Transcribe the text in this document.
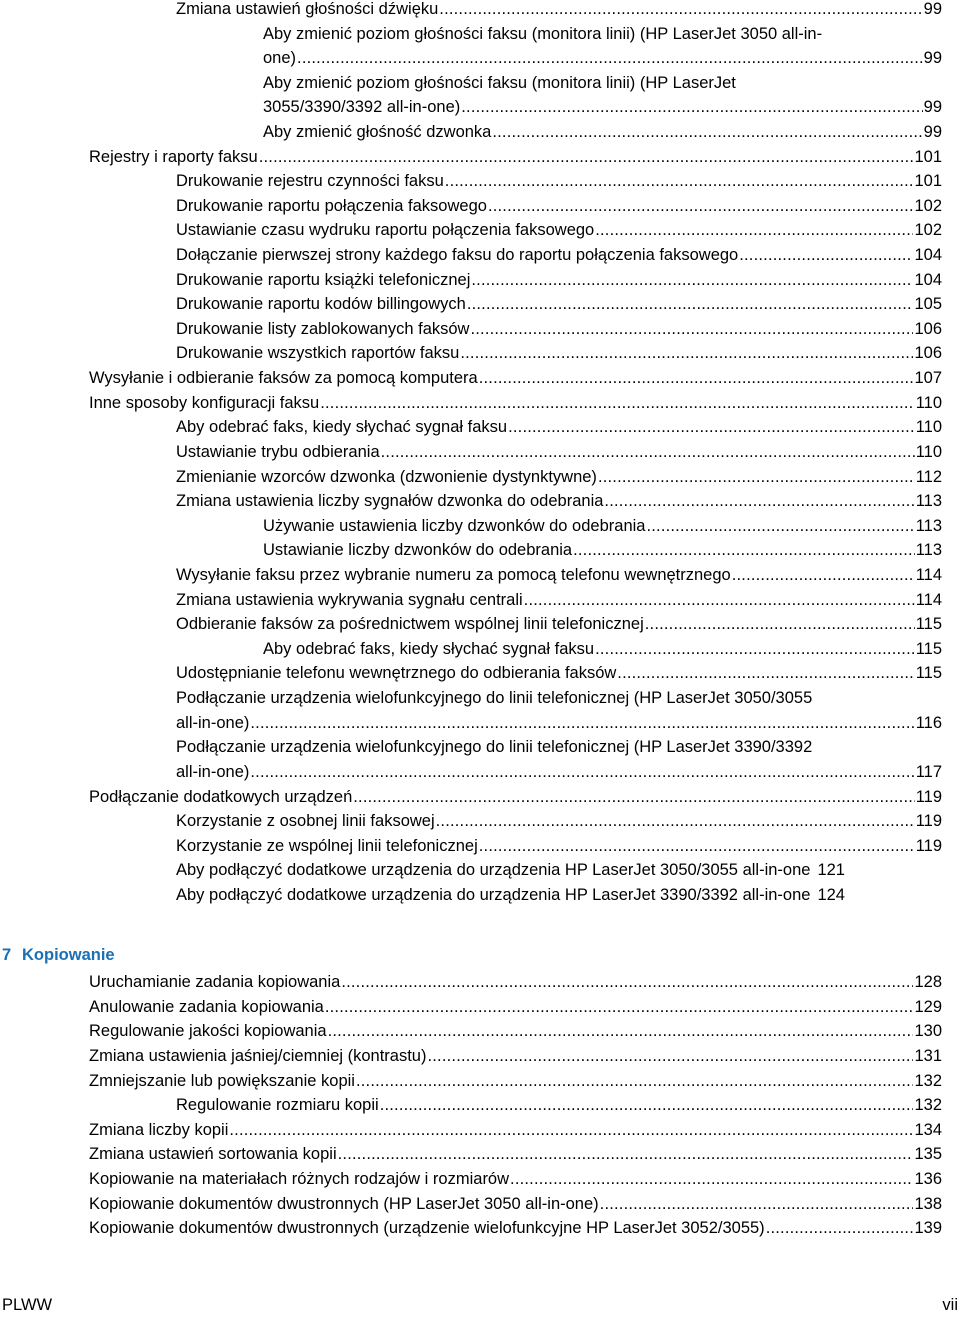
Zmiana ustawień głośności dźwięku .....	99
Aby zmienić poziom głośności faksu (monitora linii) (HP LaserJet 3050 all-in-
one) .....	99
Aby zmienić poziom głośności faksu (monitora linii) (HP LaserJet
3055/3390/3392 all-in-one) .....	99
Aby zmienić głośność dzwonka .....	99
Rejestry i raporty faksu .....	101
Drukowanie rejestru czynności faksu .....	101
Drukowanie raportu połączenia faksowego .....	102
Ustawianie czasu wydruku raportu połączenia faksowego .....	102
Dołączanie pierwszej strony każdego faksu do raportu połączenia faksowego .....	104
Drukowanie raportu książki telefonicznej .....	104
Drukowanie raportu kodów billingowych .....	105
Drukowanie listy zablokowanych faksów .....	106
Drukowanie wszystkich raportów faksu .....	106
Wysyłanie i odbieranie faksów za pomocą komputera .....	107
Inne sposoby konfiguracji faksu .....	110
Aby odebrać faks, kiedy słychać sygnał faksu .....	110
Ustawianie trybu odbierania .....	110
Zmienianie wzorców dzwonka (dzwonienie dystynktywne) .....	112
Zmiana ustawienia liczby sygnałów dzwonka do odebrania .....	113
Używanie ustawienia liczby dzwonków do odebrania .....	113
Ustawianie liczby dzwonków do odebrania .....	113
Wysyłanie faksu przez wybranie numeru za pomocą telefonu wewnętrznego .....	114
Zmiana ustawienia wykrywania sygnału centrali .....	114
Odbieranie faksów za pośrednictwem wspólnej linii telefonicznej .....	115
Aby odebrać faks, kiedy słychać sygnał faksu .....	115
Udostępnianie telefonu wewnętrznego do odbierania faksów .....	115
Podłączanie urządzenia wielofunkcyjnego do linii telefonicznej (HP LaserJet 3050/3055
all-in-one) .....	116
Podłączanie urządzenia wielofunkcyjnego do linii telefonicznej (HP LaserJet 3390/3392
all-in-one) .....	117
Podłączanie dodatkowych urządzeń .....	119
Korzystanie z osobnej linii faksowej .....	119
Korzystanie ze wspólnej linii telefonicznej .....	119
Aby podłączyć dodatkowe urządzenia do urządzenia HP LaserJet 3050/3055 all-in-one 121
Aby podłączyć dodatkowe urządzenia do urządzenia HP LaserJet 3390/3392 all-in-one 124
7 Kopiowanie
Uruchamianie zadania kopiowania .....	128
Anulowanie zadania kopiowania .....	129
Regulowanie jakości kopiowania .....	130
Zmiana ustawienia jaśniej/ciemniej (kontrastu) .....	131
Zmniejszanie lub powiększanie kopii .....	132
Regulowanie rozmiaru kopii .....	132
Zmiana liczby kopii .....	134
Zmiana ustawień sortowania kopii .....	135
Kopiowanie na materiałach różnych rodzajów i rozmiarów .....	136
Kopiowanie dokumentów dwustronnych (HP LaserJet 3050 all-in-one) .....	138
Kopiowanie dokumentów dwustronnych (urządzenie wielofunkcyjne HP LaserJet 3052/3055) .....	139
PLWW	vii
